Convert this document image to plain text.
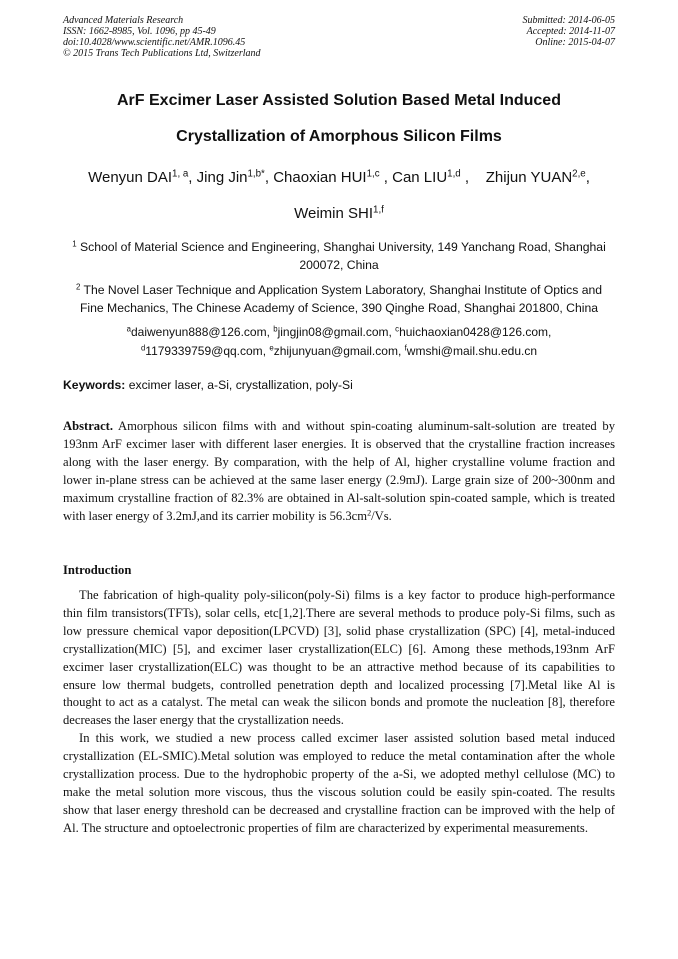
Advanced Materials Research
ISSN: 1662-8985, Vol. 1096, pp 45-49
doi:10.4028/www.scientific.net/AMR.1096.45
© 2015 Trans Tech Publications Ltd, Switzerland
Submitted: 2014-06-05
Accepted: 2014-11-07
Online: 2015-04-07
ArF Excimer Laser Assisted Solution Based Metal Induced
Crystallization of Amorphous Silicon Films
Wenyun DAI$^{1, a}$, Jing Jin$^{1,b*}$, Chaoxian HUI$^{1,c}$ , Can LIU$^{1,d}$ ,    Zhijun YUAN$^{2,e}$,
Weimin SHI$^{1,f}$
$^1$ School of Material Science and Engineering, Shanghai University, 149 Yanchang Road, Shanghai 200072, China
$^2$ The Novel Laser Technique and Application System Laboratory, Shanghai Institute of Optics and Fine Mechanics, The Chinese Academy of Science, 390 Qinghe Road, Shanghai 201800, China
$^a$daiwenyun888@126.com, $^b$jingjin08@gmail.com, $^c$huichaoxian0428@126.com,
$^d$1179339759@qq.com, $^e$zhijunyuan@gmail.com, $^f$wmshi@mail.shu.edu.cn
Keywords: excimer laser, a-Si, crystallization, poly-Si
Abstract. Amorphous silicon films with and without spin-coating aluminum-salt-solution are treated by 193nm ArF excimer laser with different laser energies. It is observed that the crystalline fraction increases along with the laser energy. By comparation, with the help of Al, higher crystalline volume fraction and lower in-plane stress can be achieved at the same laser energy (2.9mJ). Large grain size of 200~300nm and maximum crystalline fraction of 82.3% are obtained in Al-salt-solution spin-coated sample, which is treated with laser energy of 3.2mJ,and its carrier mobility is $56.3cm^2/Vs$.
Introduction

The fabrication of high-quality poly-silicon(poly-Si) films is a key factor to produce high-performance thin film transistors(TFTs), solar cells, etc[1,2].There are several methods to produce poly-Si films, such as low pressure chemical vapor deposition(LPCVD) [3], solid phase crystallization (SPC) [4], metal-induced crystallization(MIC) [5], and excimer laser crystallization(ELC) [6]. Among these methods,193nm ArF excimer laser crystallization(ELC) was thought to be an attractive method because of its capabilities to ensure low thermal budgets, controlled penetration depth and localized processing [7].Metal like Al is thought to act as a catalyst. The metal can weak the silicon bonds and promote the nucleation [8], therefore decreases the laser energy that the crystallization needs.

In this work, we studied a new process called excimer laser assisted solution based metal induced crystallization (EL-SMIC).Metal solution was employed to reduce the metal contamination after the whole crystallization process. Due to the hydrophobic property of the a-Si, we adopted methyl cellulose (MC) to make the metal solution more viscous, thus the viscous solution could be easily spin-coated. The results show that laser energy threshold can be decreased and crystalline fraction can be improved with the help of Al. The structure and optoelectronic properties of film are characterized by experimental measurements.
